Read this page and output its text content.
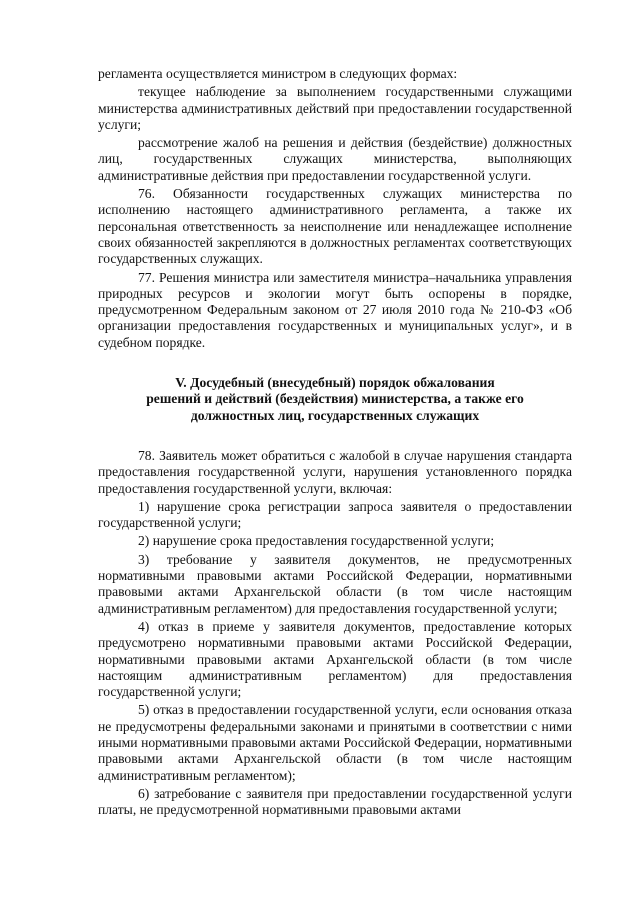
регламента осуществляется министром в следующих формах:

текущее наблюдение за выполнением государственными служащими министерства административных действий при предоставлении государственной услуги;

рассмотрение жалоб на решения и действия (бездействие) должностных лиц, государственных служащих министерства, выполняющих административные действия при предоставлении государственной услуги.

76. Обязанности государственных служащих министерства по исполнению настоящего административного регламента, а также их персональная ответственность за неисполнение или ненадлежащее исполнение своих обязанностей закрепляются в должностных регламентах соответствующих государственных служащих.

77. Решения министра или заместителя министра–начальника управления природных ресурсов и экологии могут быть оспорены в порядке, предусмотренном Федеральным законом от 27 июля 2010 года № 210-ФЗ «Об организации предоставления государственных и муниципальных услуг», и в судебном порядке.

V. Досудебный (внесудебный) порядок обжалования
решений и действий (бездействия) министерства, а также его
должностных лиц, государственных служащих

78. Заявитель может обратиться с жалобой в случае нарушения стандарта предоставления государственной услуги, нарушения установленного порядка предоставления государственной услуги, включая:

1) нарушение срока регистрации запроса заявителя о предоставлении государственной услуги;

2) нарушение срока предоставления государственной услуги;

3) требование у заявителя документов, не предусмотренных нормативными правовыми актами Российской Федерации, нормативными правовыми актами Архангельской области (в том числе настоящим административным регламентом) для предоставления государственной услуги;

4) отказ в приеме у заявителя документов, предоставление которых предусмотрено нормативными правовыми актами Российской Федерации, нормативными правовыми актами Архангельской области (в том числе настоящим административным регламентом) для предоставления государственной услуги;

5) отказ в предоставлении государственной услуги, если основания отказа не предусмотрены федеральными законами и принятыми в соответствии с ними иными нормативными правовыми актами Российской Федерации, нормативными правовыми актами Архангельской области (в том числе настоящим административным регламентом);

6) затребование с заявителя при предоставлении государственной услуги платы, не предусмотренной нормативными правовыми актами
